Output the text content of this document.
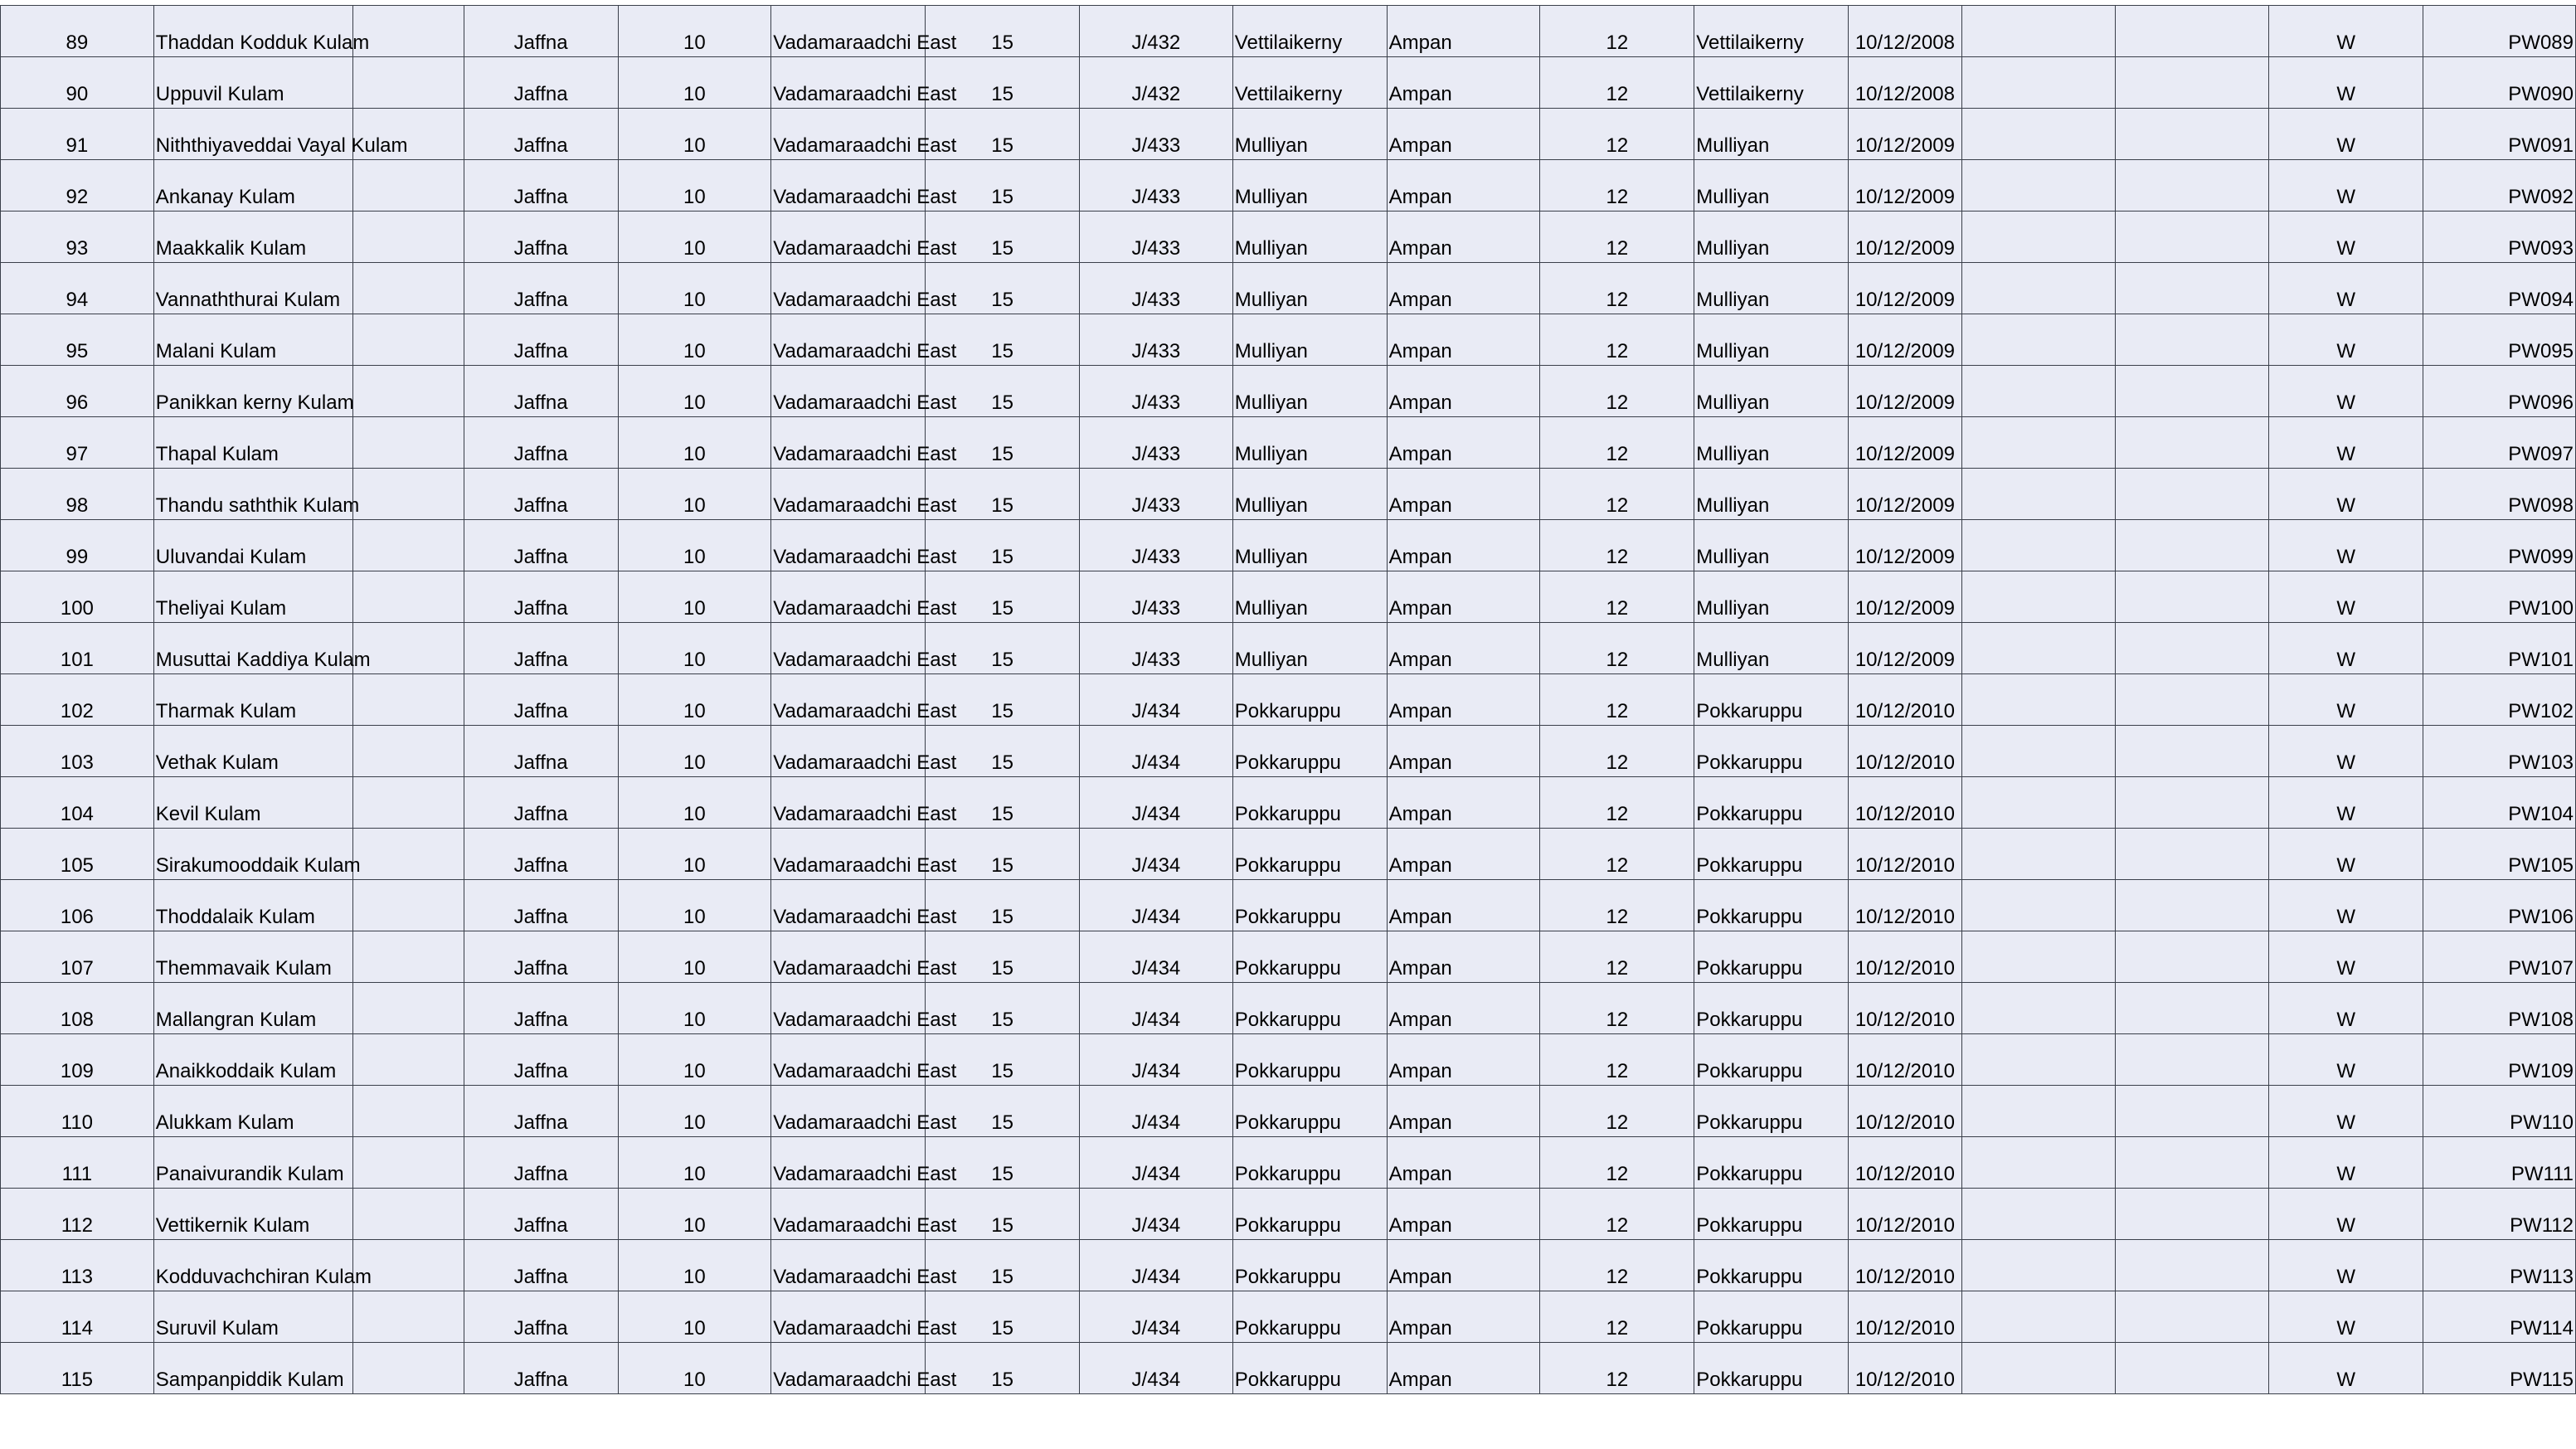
89	Thaddan Kodduk Kulam		Jaffna	10	Vadamaraadchi East	15	J/432	Vettilaikerny	Ampan	12	Vettilaikerny	10/12/2008			W	PW089
90	Uppuvil Kulam		Jaffna	10	Vadamaraadchi East	15	J/432	Vettilaikerny	Ampan	12	Vettilaikerny	10/12/2008			W	PW090
91	Niththiyaveddai Vayal Kulam		Jaffna	10	Vadamaraadchi East	15	J/433	Mulliyan	Ampan	12	Mulliyan	10/12/2009			W	PW091
92	Ankanay Kulam		Jaffna	10	Vadamaraadchi East	15	J/433	Mulliyan	Ampan	12	Mulliyan	10/12/2009			W	PW092
93	Maakkalik Kulam		Jaffna	10	Vadamaraadchi East	15	J/433	Mulliyan	Ampan	12	Mulliyan	10/12/2009			W	PW093
94	Vannaththurai Kulam		Jaffna	10	Vadamaraadchi East	15	J/433	Mulliyan	Ampan	12	Mulliyan	10/12/2009			W	PW094
95	Malani Kulam		Jaffna	10	Vadamaraadchi East	15	J/433	Mulliyan	Ampan	12	Mulliyan	10/12/2009			W	PW095
96	Panikkan kerny Kulam		Jaffna	10	Vadamaraadchi East	15	J/433	Mulliyan	Ampan	12	Mulliyan	10/12/2009			W	PW096
97	Thapal Kulam		Jaffna	10	Vadamaraadchi East	15	J/433	Mulliyan	Ampan	12	Mulliyan	10/12/2009			W	PW097
98	Thandu saththik Kulam		Jaffna	10	Vadamaraadchi East	15	J/433	Mulliyan	Ampan	12	Mulliyan	10/12/2009			W	PW098
99	Uluvandai Kulam		Jaffna	10	Vadamaraadchi East	15	J/433	Mulliyan	Ampan	12	Mulliyan	10/12/2009			W	PW099
100	Theliyai Kulam		Jaffna	10	Vadamaraadchi East	15	J/433	Mulliyan	Ampan	12	Mulliyan	10/12/2009			W	PW100
101	Musuttai Kaddiya Kulam		Jaffna	10	Vadamaraadchi East	15	J/433	Mulliyan	Ampan	12	Mulliyan	10/12/2009			W	PW101
102	Tharmak Kulam		Jaffna	10	Vadamaraadchi East	15	J/434	Pokkaruppu	Ampan	12	Pokkaruppu	10/12/2010			W	PW102
103	Vethak Kulam		Jaffna	10	Vadamaraadchi East	15	J/434	Pokkaruppu	Ampan	12	Pokkaruppu	10/12/2010			W	PW103
104	Kevil Kulam		Jaffna	10	Vadamaraadchi East	15	J/434	Pokkaruppu	Ampan	12	Pokkaruppu	10/12/2010			W	PW104
105	Sirakumooddaik Kulam		Jaffna	10	Vadamaraadchi East	15	J/434	Pokkaruppu	Ampan	12	Pokkaruppu	10/12/2010			W	PW105
106	Thoddalaik Kulam		Jaffna	10	Vadamaraadchi East	15	J/434	Pokkaruppu	Ampan	12	Pokkaruppu	10/12/2010			W	PW106
107	Themmavaik Kulam		Jaffna	10	Vadamaraadchi East	15	J/434	Pokkaruppu	Ampan	12	Pokkaruppu	10/12/2010			W	PW107
108	Mallangran Kulam		Jaffna	10	Vadamaraadchi East	15	J/434	Pokkaruppu	Ampan	12	Pokkaruppu	10/12/2010			W	PW108
109	Anaikkoddaik Kulam		Jaffna	10	Vadamaraadchi East	15	J/434	Pokkaruppu	Ampan	12	Pokkaruppu	10/12/2010			W	PW109
110	Alukkam Kulam		Jaffna	10	Vadamaraadchi East	15	J/434	Pokkaruppu	Ampan	12	Pokkaruppu	10/12/2010			W	PW110
111	Panaivurandik Kulam		Jaffna	10	Vadamaraadchi East	15	J/434	Pokkaruppu	Ampan	12	Pokkaruppu	10/12/2010			W	PW111
112	Vettikernik Kulam		Jaffna	10	Vadamaraadchi East	15	J/434	Pokkaruppu	Ampan	12	Pokkaruppu	10/12/2010			W	PW112
113	Kodduvachchiran Kulam		Jaffna	10	Vadamaraadchi East	15	J/434	Pokkaruppu	Ampan	12	Pokkaruppu	10/12/2010			W	PW113
114	Suruvil Kulam		Jaffna	10	Vadamaraadchi East	15	J/434	Pokkaruppu	Ampan	12	Pokkaruppu	10/12/2010			W	PW114
115	Sampanpiddik Kulam		Jaffna	10	Vadamaraadchi East	15	J/434	Pokkaruppu	Ampan	12	Pokkaruppu	10/12/2010			W	PW115
